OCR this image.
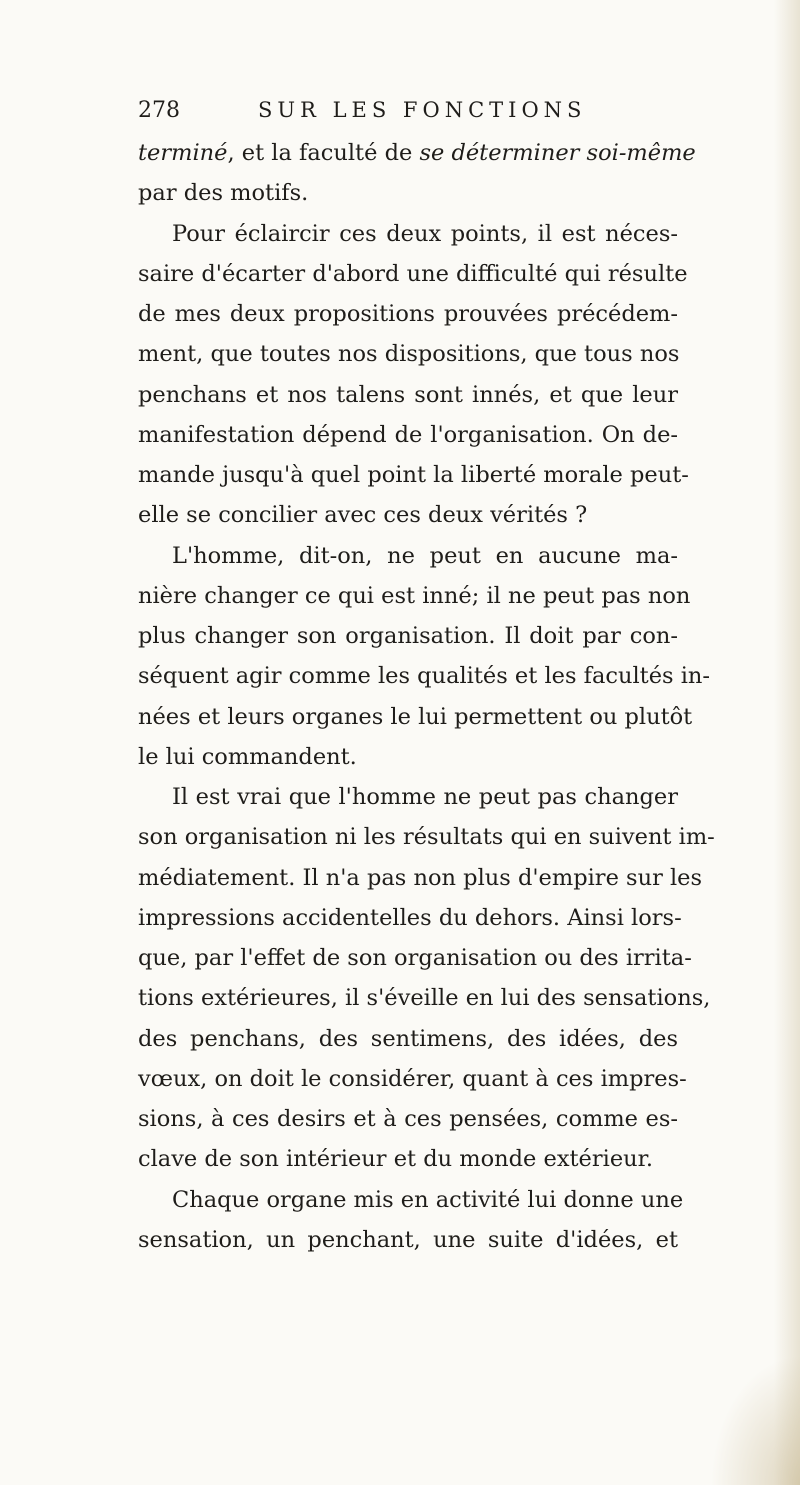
278	SUR LES FONCTIONS
terminé, et la faculté de se déterminer soi-même
par des motifs.
Pour éclaircir ces deux points, il est néces-
saire d'écarter d'abord une difficulté qui résulte
de mes deux propositions prouvées précédem-
ment, que toutes nos dispositions, que tous nos
penchans et nos talens sont innés, et que leur
manifestation dépend de l'organisation. On de-
mande jusqu'à quel point la liberté morale peut-
elle se concilier avec ces deux vérités ?
L'homme, dit-on, ne peut en aucune ma-
nière changer ce qui est inné; il ne peut pas non
plus changer son organisation. Il doit par con-
séquent agir comme les qualités et les facultés in-
nées et leurs organes le lui permettent ou plutôt
le lui commandent.
Il est vrai que l'homme ne peut pas changer
son organisation ni les résultats qui en suivent im-
médiatement. Il n'a pas non plus d'empire sur les
impressions accidentelles du dehors. Ainsi lors-
que, par l'effet de son organisation ou des irrita-
tions extérieures, il s'éveille en lui des sensations,
des penchans, des sentimens, des idées, des
vœux, on doit le considérer, quant à ces impres-
sions, à ces desirs et à ces pensées, comme es-
clave de son intérieur et du monde extérieur.
Chaque organe mis en activité lui donne une
sensation, un penchant, une suite d'idées, et
